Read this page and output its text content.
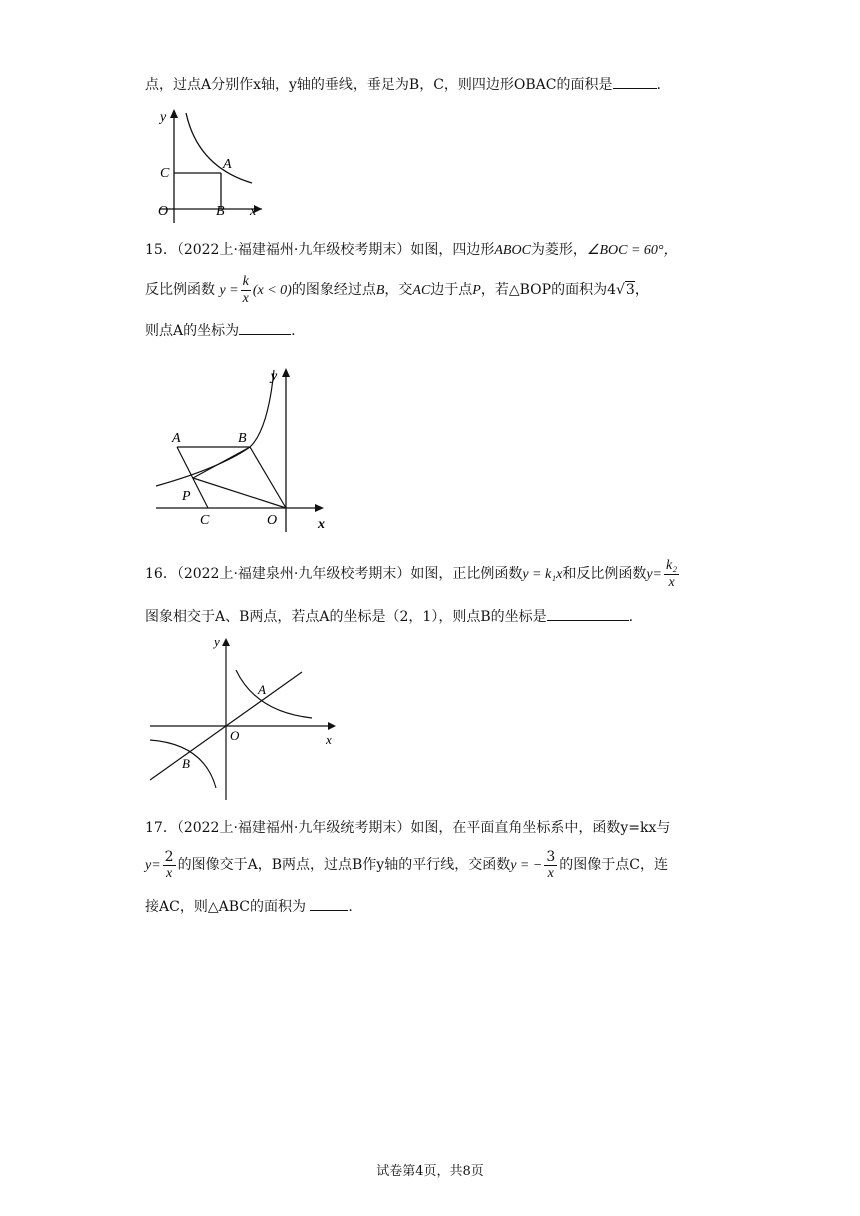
点，过点A分别作x轴，y轴的垂线，垂足为B，C，则四边形OBAC的面积是	.
y
C
A
O	B x
15．（2022上·福建福州·九年级校考期末）如图，四边形ABOC为菱形，∠BOC = 60°，
反比例函数 $y = \frac{k}{x} (x < 0)$的图象经过点B，交AC边于点P，若△BOP的面积为4√3，
则点A的坐标为	.
y
x
A	B
P
C	O
16．（2022上·福建泉州·九年级校考期末）如图，正比例函数y = k₁x和反比例函数$y= \frac{\text{k₂}}{x}$
图象相交于A、B两点，若点A的坐标是（2，1），则点B的坐标是	.
y
A
O	x
B
17．（2022上·福建福州·九年级统考期末）如图，在平面直角坐标系中，函数y=kx与
$y= \frac{2}{x}$ 的图像交于A，B两点，过点B作y轴的平行线，交函数y = − $\frac{3}{x}$ 的图像于点C，连
接AC，则△ABC的面积为	.
试卷第4页，共8页
